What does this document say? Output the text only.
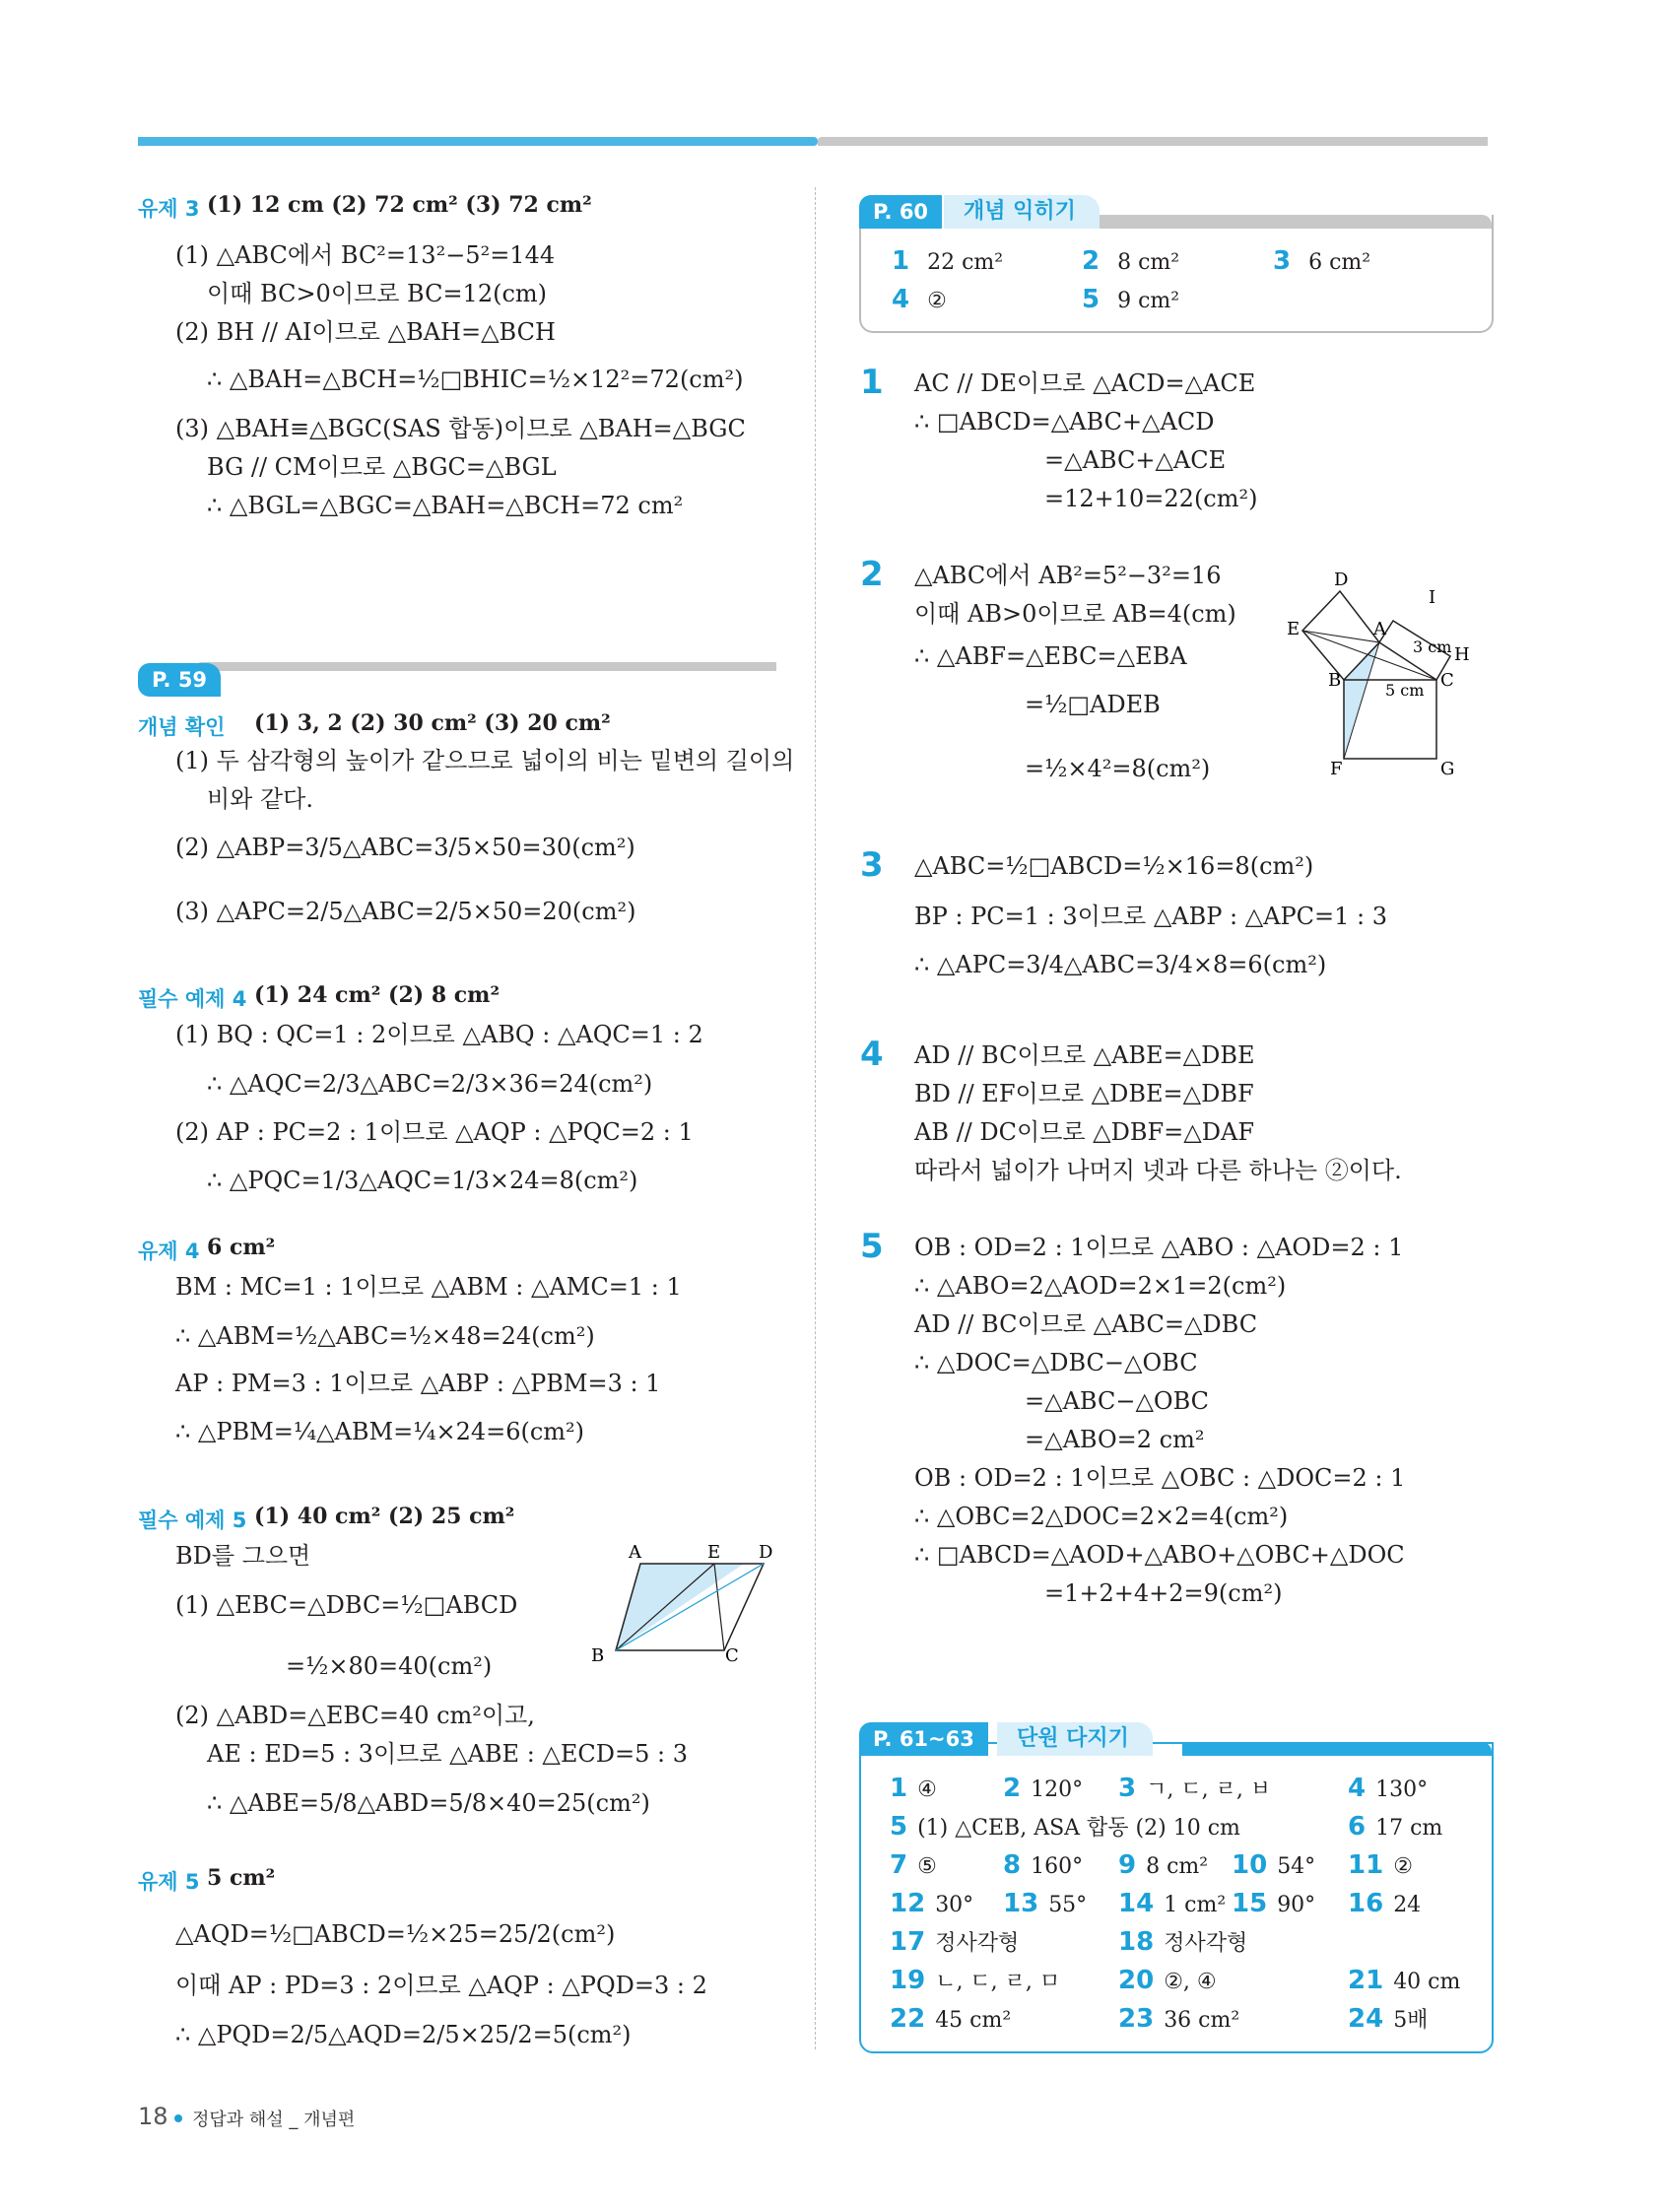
유제 3 (1) 12 cm (2) 72 cm² (3) 72 cm²
(1) △ABC에서 BC²=13²−5²=144
이때 BC>0이므로 BC=12(cm)
(2) BH // AI이므로 △BAH=△BCH
∴ △BAH=△BCH=½□BHIC=½×12²=72(cm²)
(3) △BAH≡△BGC(SAS 합동)이므로 △BAH=△BGC
BG // CM이므로 △BGC=△BGL
∴ △BGL=△BGC=△BAH=△BCH=72 cm²
P. 59
개념 확인 (1) 3, 2 (2) 30 cm² (3) 20 cm²
(1) 두 삼각형의 높이가 같으므로 넓이의 비는 밑변의 길이의
비와 같다.
(2) △ABP=3/5△ABC=3/5×50=30(cm²)
(3) △APC=2/5△ABC=2/5×50=20(cm²)
필수 예제 4 (1) 24 cm² (2) 8 cm²
(1) BQ : QC=1 : 2이므로 △ABQ : △AQC=1 : 2
∴ △AQC=2/3△ABC=2/3×36=24(cm²)
(2) AP : PC=2 : 1이므로 △AQP : △PQC=2 : 1
∴ △PQC=1/3△AQC=1/3×24=8(cm²)
유제 4 6 cm²
BM : MC=1 : 1이므로 △ABM : △AMC=1 : 1
∴ △ABM=½△ABC=½×48=24(cm²)
AP : PM=3 : 1이므로 △ABP : △PBM=3 : 1
∴ △PBM=¼△ABM=¼×24=6(cm²)
필수 예제 5 (1) 40 cm² (2) 25 cm²
BD를 그으면
(1) △EBC=△DBC=½□ABCD
=½×80=40(cm²)
(2) △ABD=△EBC=40 cm²이고,
AE : ED=5 : 3이므로 △ABE : △ECD=5 : 3
∴ △ABE=5/8△ABD=5/8×40=25(cm²)
A	E D
B	C
유제 5 5 cm²
△AQD=½□ABCD=½×25=25/2(cm²)
이때 AP : PD=3 : 2이므로 △AQP : △PQD=3 : 2
∴ △PQD=2/5△AQD=2/5×25/2=5(cm²)
18 정답과 해설 _ 개념편
P. 60	개념 익히기
1 22 cm²	2 8 cm²	3 6 cm²
4 ②	5 9 cm²
1 AC // DE이므로 △ACD=△ACE
∴ □ABCD=△ABC+△ACD
=△ABC+△ACE
=12+10=22(cm²)
2 △ABC에서 AB²=5²−3²=16
이때 AB>0이므로 AB=4(cm)
∴ △ABF=△EBC=△EBA
=½□ADEB
=½×4²=8(cm²)
D
I
E	A
H
3 cm
B	C
5 cm
F	G
3 △ABC=½□ABCD=½×16=8(cm²)
BP : PC=1 : 3이므로 △ABP : △APC=1 : 3
∴ △APC=3/4△ABC=3/4×8=6(cm²)
4 AD // BC이므로 △ABE=△DBE
BD // EF이므로 △DBE=△DBF
AB // DC이므로 △DBF=△DAF
따라서 넓이가 나머지 넷과 다른 하나는 ②이다.
5 OB : OD=2 : 1이므로 △ABO : △AOD=2 : 1
∴ △ABO=2△AOD=2×1=2(cm²)
AD // BC이므로 △ABC=△DBC
∴ △DOC=△DBC−△OBC
=△ABC−△OBC
=△ABO=2 cm²
OB : OD=2 : 1이므로 △OBC : △DOC=2 : 1
∴ △OBC=2△DOC=2×2=4(cm²)
∴ □ABCD=△AOD+△ABO+△OBC+△DOC
=1+2+4+2=9(cm²)
P. 61~63	단원 다지기
1 ④	2 120° 3 ㄱ, ㄷ, ㄹ, ㅂ	4 130°
5 (1) △CEB, ASA 합동 (2) 10 cm	6 17 cm
7 ⑤	8 160° 9 8 cm² 10 54° 11 ②
12 30° 13 55° 14 1 cm² 15 90° 16 24
17 정사각형	18 정사각형
19 ㄴ, ㄷ, ㄹ, ㅁ 20 ②, ④	21 40 cm
22 45 cm²	23 36 cm²	24 5배
